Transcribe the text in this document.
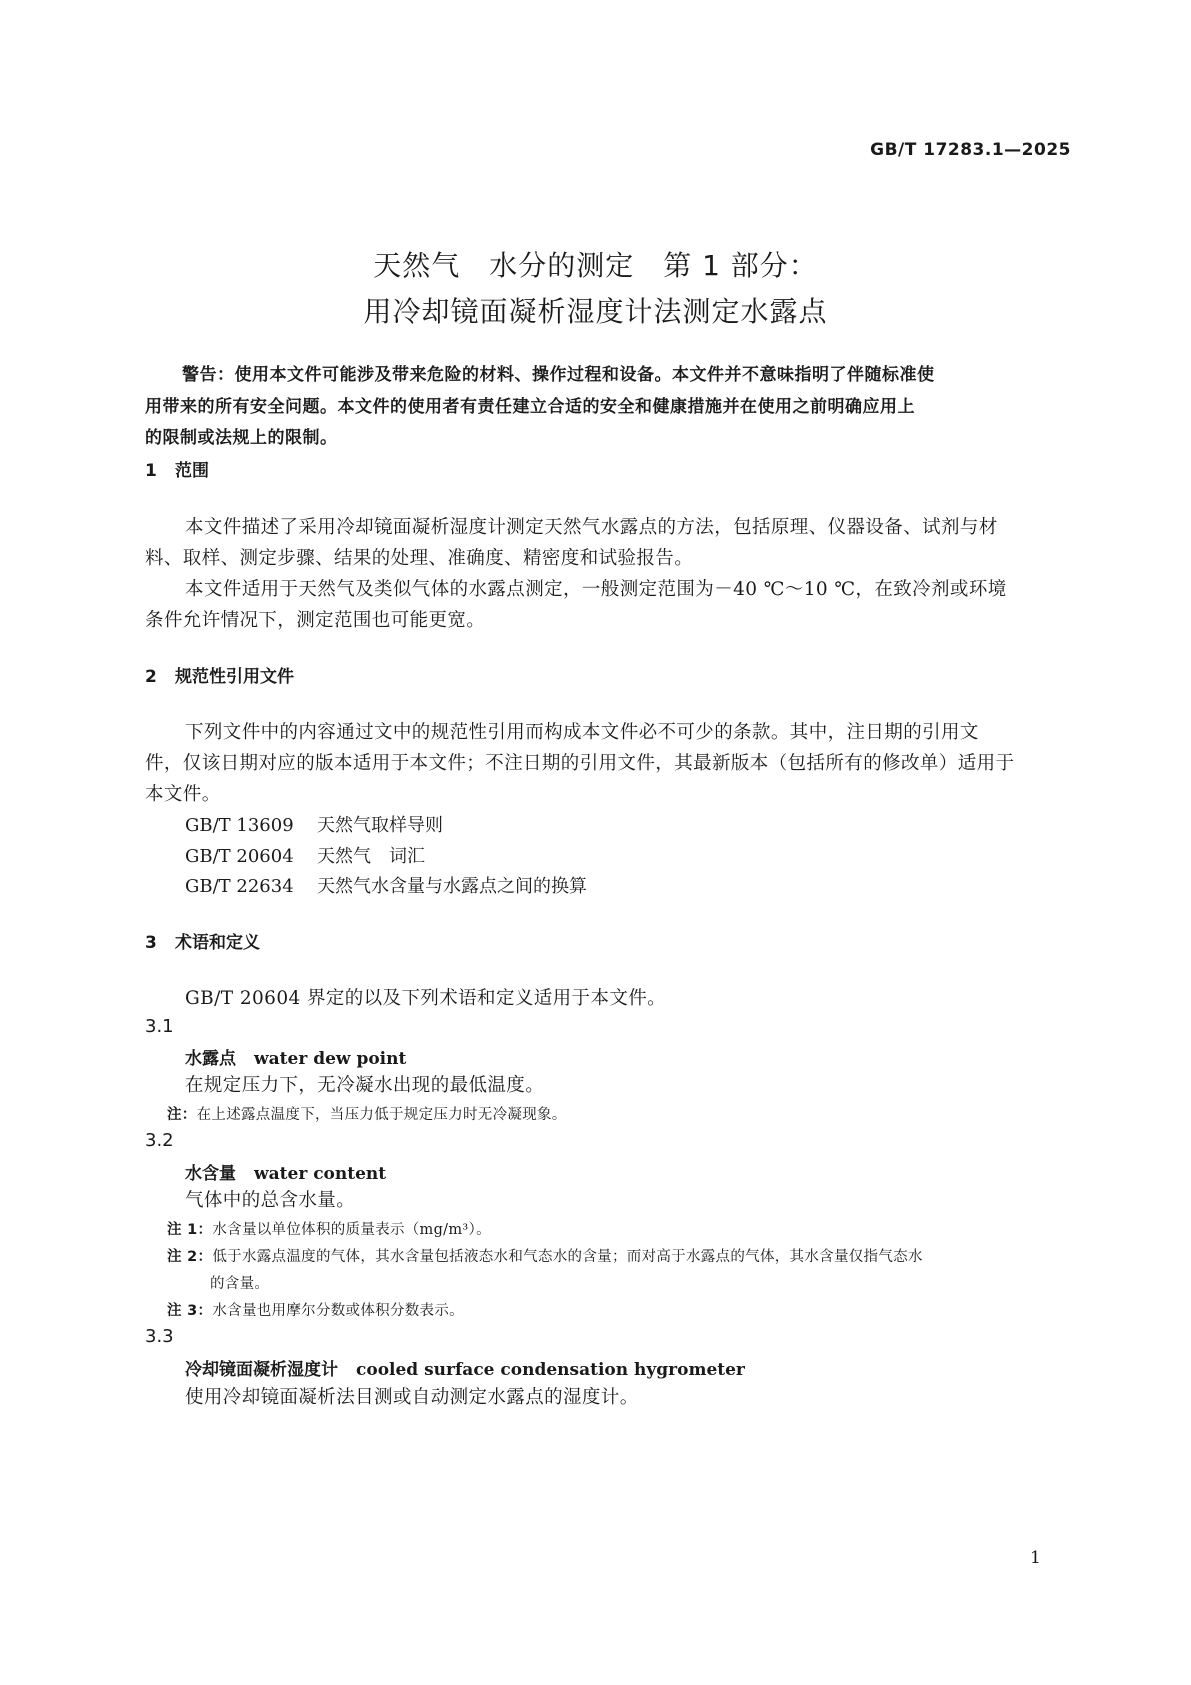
GB/T 17283.1—2025
天然气　水分的测定　第 1 部分：
用冷却镜面凝析湿度计法测定水露点
警告：使用本文件可能涉及带来危险的材料、操作过程和设备。本文件并不意味指明了伴随标准使
用带来的所有安全问题。本文件的使用者有责任建立合适的安全和健康措施并在使用之前明确应用上
的限制或法规上的限制。
1 范围
本文件描述了采用冷却镜面凝析湿度计测定天然气水露点的方法，包括原理、仪器设备、试剂与材
料、取样、测定步骤、结果的处理、准确度、精密度和试验报告。
本文件适用于天然气及类似气体的水露点测定，一般测定范围为－40 ℃～10 ℃，在致冷剂或环境
条件允许情况下，测定范围也可能更宽。
2 规范性引用文件
下列文件中的内容通过文中的规范性引用而构成本文件必不可少的条款。其中，注日期的引用文
件，仅该日期对应的版本适用于本文件；不注日期的引用文件，其最新版本（包括所有的修改单）适用于
本文件。
GB/T 13609 天然气取样导则
GB/T 20604 天然气　词汇
GB/T 22634 天然气水含量与水露点之间的换算
3 术语和定义
GB/T 20604 界定的以及下列术语和定义适用于本文件。
3.1
水露点 water dew point
在规定压力下，无冷凝水出现的最低温度。
注：在上述露点温度下，当压力低于规定压力时无冷凝现象。
3.2
水含量 water content
气体中的总含水量。
注 1：水含量以单位体积的质量表示（mg/m³）。
注 2：低于水露点温度的气体，其水含量包括液态水和气态水的含量；而对高于水露点的气体，其水含量仅指气态水
的含量。
注 3：水含量也用摩尔分数或体积分数表示。
3.3
冷却镜面凝析湿度计 cooled surface condensation hygrometer
使用冷却镜面凝析法目测或自动测定水露点的湿度计。
1
